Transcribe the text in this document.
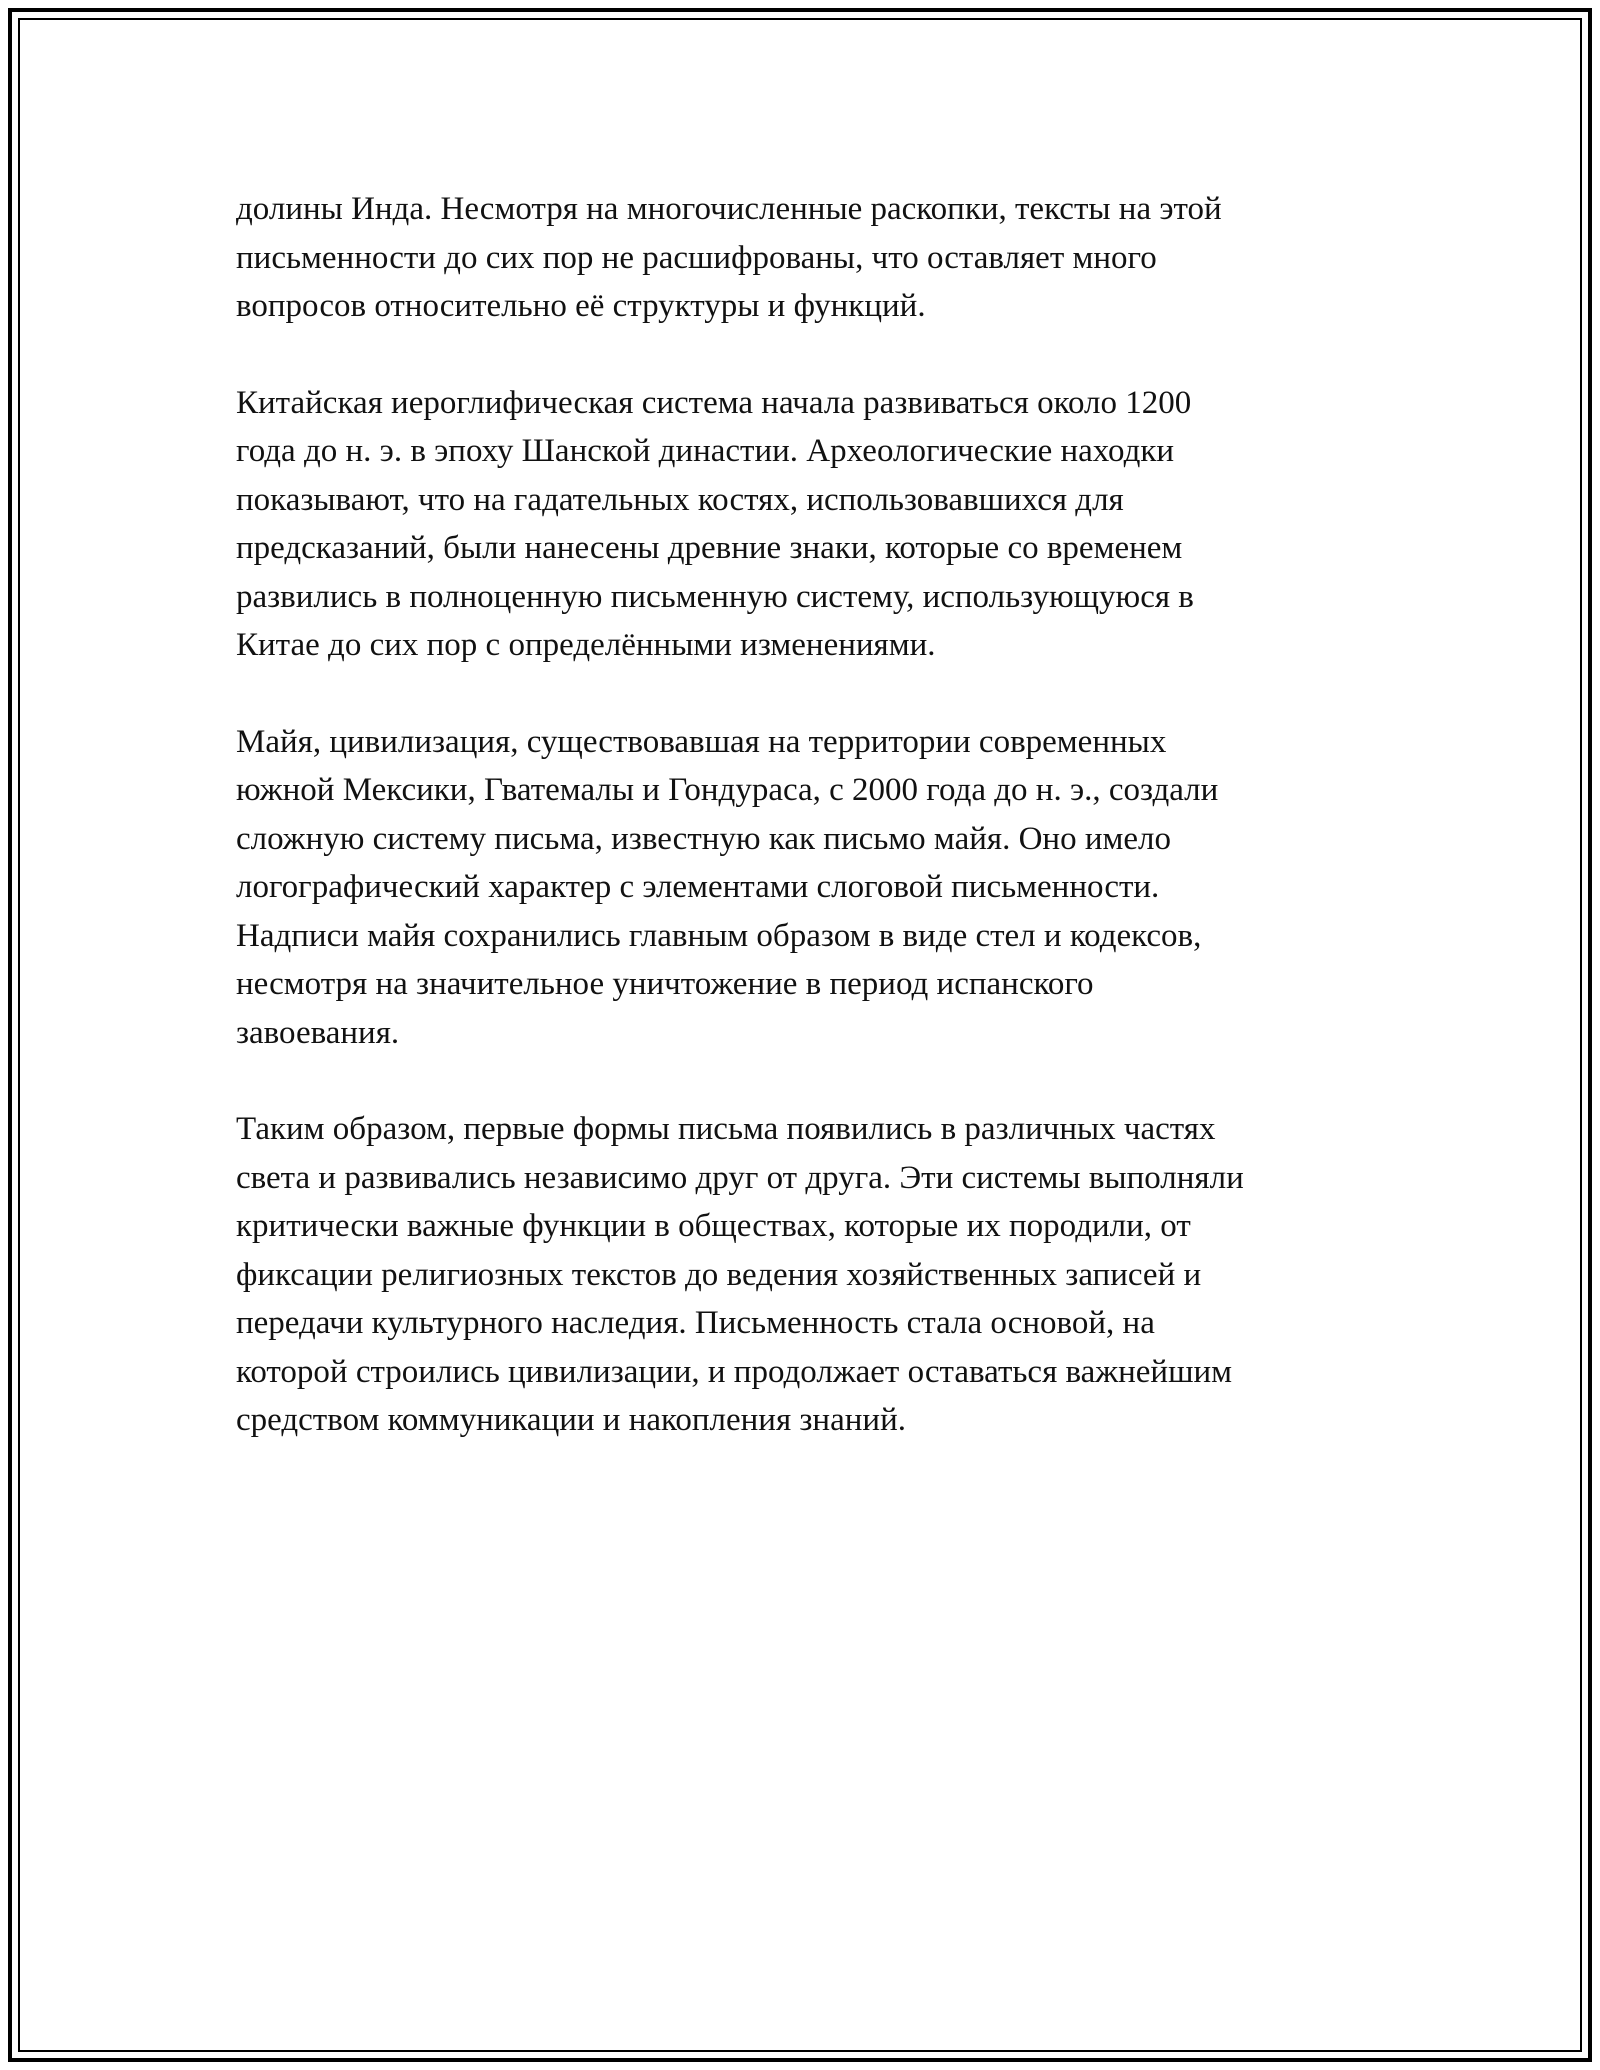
долины Инда. Несмотря на многочисленные раскопки, тексты на этой
письменности до сих пор не расшифрованы, что оставляет много
вопросов относительно её структуры и функций.

Китайская иероглифическая система начала развиваться около 1200
года до н. э. в эпоху Шанской династии. Археологические находки
показывают, что на гадательных костях, использовавшихся для
предсказаний, были нанесены древние знаки, которые со временем
развились в полноценную письменную систему, использующуюся в
Китае до сих пор с определёнными изменениями.

Майя, цивилизация, существовавшая на территории современных
южной Мексики, Гватемалы и Гондураса, с 2000 года до н. э., создали
сложную систему письма, известную как письмо майя. Оно имело
логографический характер с элементами слоговой письменности.
Надписи майя сохранились главным образом в виде стел и кодексов,
несмотря на значительное уничтожение в период испанского
завоевания.

Таким образом, первые формы письма появились в различных частях
света и развивались независимо друг от друга. Эти системы выполняли
критически важные функции в обществах, которые их породили, от
фиксации религиозных текстов до ведения хозяйственных записей и
передачи культурного наследия. Письменность стала основой, на
которой строились цивилизации, и продолжает оставаться важнейшим
средством коммуникации и накопления знаний.
